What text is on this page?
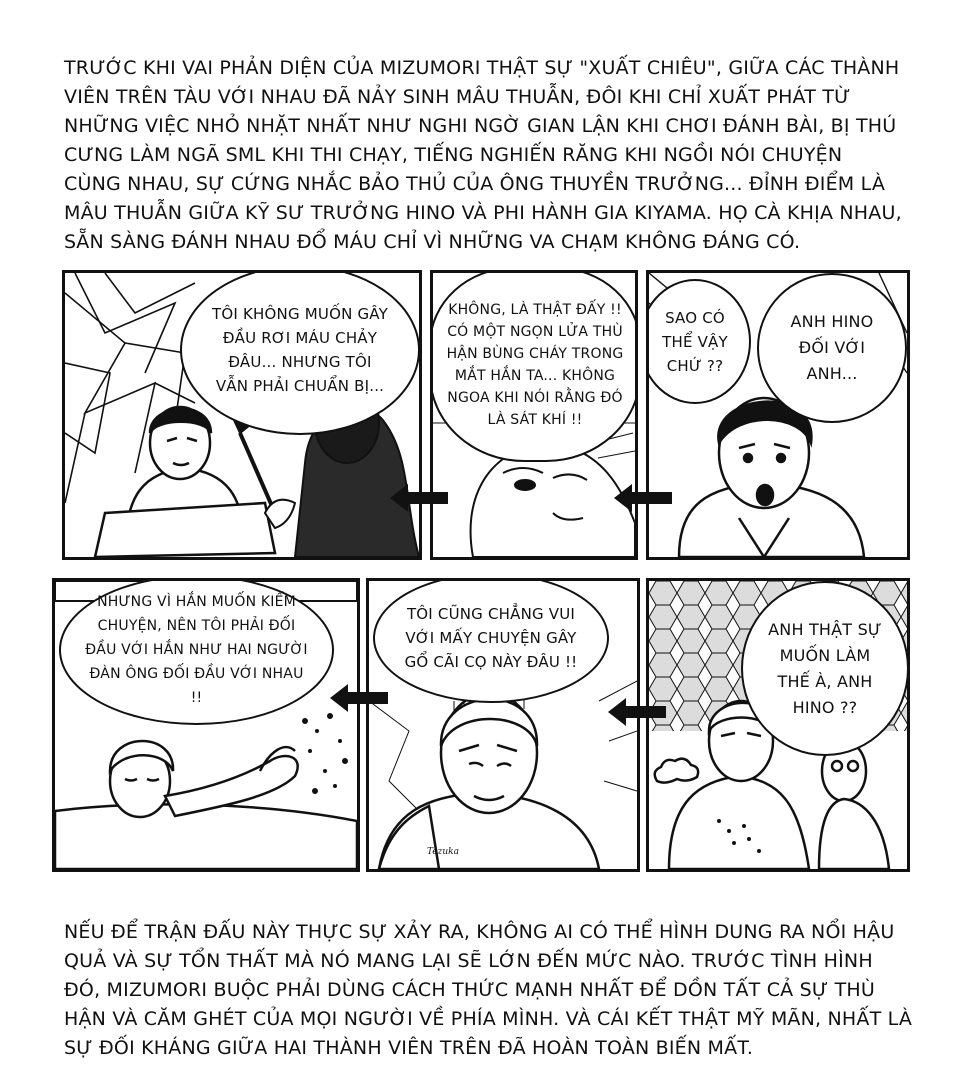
TRƯỚC KHI VAI PHẢN DIỆN CỦA MIZUMORI THẬT SỰ "XUẤT CHIÊU", GIỮA CÁC THÀNH VIÊN TRÊN TÀU VỚI NHAU ĐÃ NẢY SINH MÂU THUẪN, ĐÔI KHI CHỈ XUẤT PHÁT TỪ NHỮNG VIỆC NHỎ NHẶT NHẤT NHƯ NGHI NGỜ GIAN LẬN KHI CHƠI ĐÁNH BÀI, BỊ THÚ CƯNG LÀM NGÃ SML KHI THI CHẠY, TIẾNG NGHIẾN RĂNG KHI NGỒI NÓI CHUYỆN CÙNG NHAU, SỰ CỨNG NHẮC BẢO THỦ CỦA ÔNG THUYỀN TRƯỞNG... ĐỈNH ĐIỂM LÀ MÂU THUẪN GIỮA KỸ SƯ TRƯỞNG HINO VÀ PHI HÀNH GIA KIYAMA. HỌ CÀ KHỊA NHAU, SẴN SÀNG ĐÁNH NHAU ĐỔ MÁU CHỈ VÌ NHỮNG VA CHẠM KHÔNG ĐÁNG CÓ.

TÔI KHÔNG MUỐN GÂY ĐẦU RƠI MÁU CHẢY ĐÂU... NHƯNG TÔI VẪN PHẢI CHUẨN BỊ...
KHÔNG, LÀ THẬT ĐẤY !! CÓ MỘT NGỌN LỬA THÙ HẬN BÙNG CHÁY TRONG MẮT HẮN TA... KHÔNG NGOA KHI NÓI RẰNG ĐÓ LÀ SÁT KHÍ !!
SAO CÓ THỂ VẬY CHỨ ??
ANH HINO ĐỐI VỚI ANH...
NHƯNG VÌ HẮN MUỐN KIẾM CHUYỆN, NÊN TÔI PHẢI ĐỐI ĐẦU VỚI HẮN NHƯ HAI NGƯỜI ĐÀN ÔNG ĐỐI ĐẦU VỚI NHAU !!
TÔI CŨNG CHẲNG VUI VỚI MẤY CHUYỆN GÂY GỔ CÃI CỌ NÀY ĐÂU !!
Tezuka
ANH THẬT SỰ MUỐN LÀM THẾ À, ANH HINO ??

NẾU ĐỂ TRẬN ĐẤU NÀY THỰC SỰ XẢY RA, KHÔNG AI CÓ THỂ HÌNH DUNG RA NỔI HẬU QUẢ VÀ SỰ TỔN THẤT MÀ NÓ MANG LẠI SẼ LỚN ĐẾN MỨC NÀO. TRƯỚC TÌNH HÌNH ĐÓ, MIZUMORI BUỘC PHẢI DÙNG CÁCH THỨC MẠNH NHẤT ĐỂ DỒN TẤT CẢ SỰ THÙ HẬN VÀ CĂM GHÉT CỦA MỌI NGƯỜI VỀ PHÍA MÌNH. VÀ CÁI KẾT THẬT MỸ MÃN, NHẤT LÀ SỰ ĐỐI KHÁNG GIỮA HAI THÀNH VIÊN TRÊN ĐÃ HOÀN TOÀN BIẾN MẤT.
